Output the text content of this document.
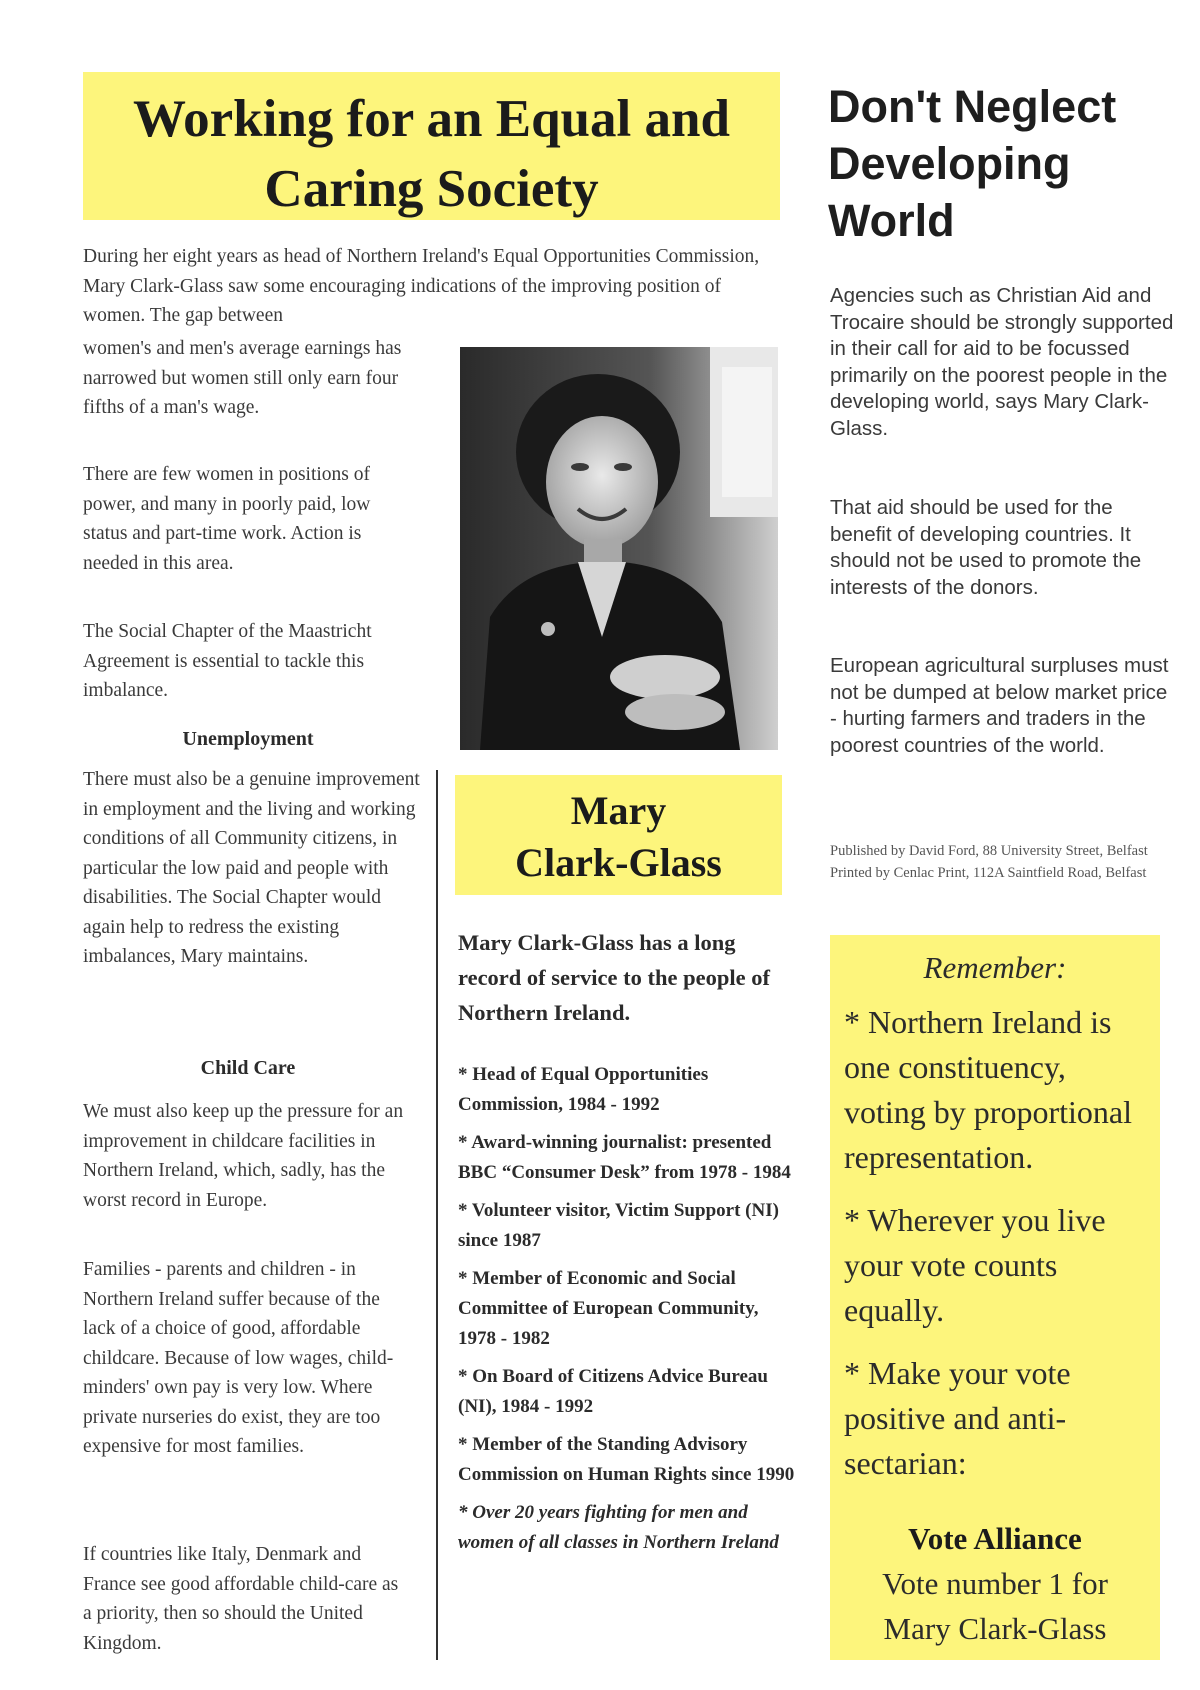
Working for an Equal and
Caring Society
Don't Neglect
Developing
World

During her eight years as head of Northern Ireland's Equal Opportunities Commission, Mary Clark-Glass saw some encouraging indications of the improving position of women. The gap between

women's and men's average earnings has narrowed but women still only earn four fifths of a man's wage.

There are few women in positions of power, and many in poorly paid, low status and part-time work. Action is needed in this area.

The Social Chapter of the Maastricht Agreement is essential to tackle this imbalance.

Unemployment

There must also be a genuine improvement in employment and the living and working conditions of all Community citizens, in particular the low paid and people with disabilities. The Social Chapter would again help to redress the existing imbalances, Mary maintains.

Child Care

We must also keep up the pressure for an improvement in childcare facilities in Northern Ireland, which, sadly, has the worst record in Europe.

Families - parents and children - in Northern Ireland suffer because of the lack of a choice of good, affordable childcare. Because of low wages, child-minders' own pay is very low. Where private nurseries do exist, they are too expensive for most families.

If countries like Italy, Denmark and France see good affordable child-care as a priority, then so should the United Kingdom.

Mary
Clark-Glass

Mary Clark-Glass has a long record of service to the people of Northern Ireland.

* Head of Equal Opportunities Commission, 1984 - 1992
* Award-winning journalist: presented BBC “Consumer Desk” from 1978 - 1984
* Volunteer visitor, Victim Support (NI) since 1987
* Member of Economic and Social Committee of European Community, 1978 - 1982
* On Board of Citizens Advice Bureau (NI), 1984 - 1992
* Member of the Standing Advisory Commission on Human Rights since 1990
* Over 20 years fighting for men and women of all classes in Northern Ireland

Agencies such as Christian Aid and Trocaire should be strongly supported in their call for aid to be focussed primarily on the poorest people in the developing world, says Mary Clark-Glass.

That aid should be used for the benefit of developing countries. It should not be used to promote the interests of the donors.

European agricultural surpluses must not be dumped at below market price - hurting farmers and traders in the poorest countries of the world.

Published by David Ford, 88 University Street, Belfast Printed by Cenlac Print, 112A Saintfield Road, Belfast

Remember:

* Northern Ireland is one constituency, voting by proportional representation.

* Wherever you live your vote counts equally.

* Make your vote positive and anti-sectarian:

Vote Alliance

Vote number 1 for

Mary Clark-Glass
